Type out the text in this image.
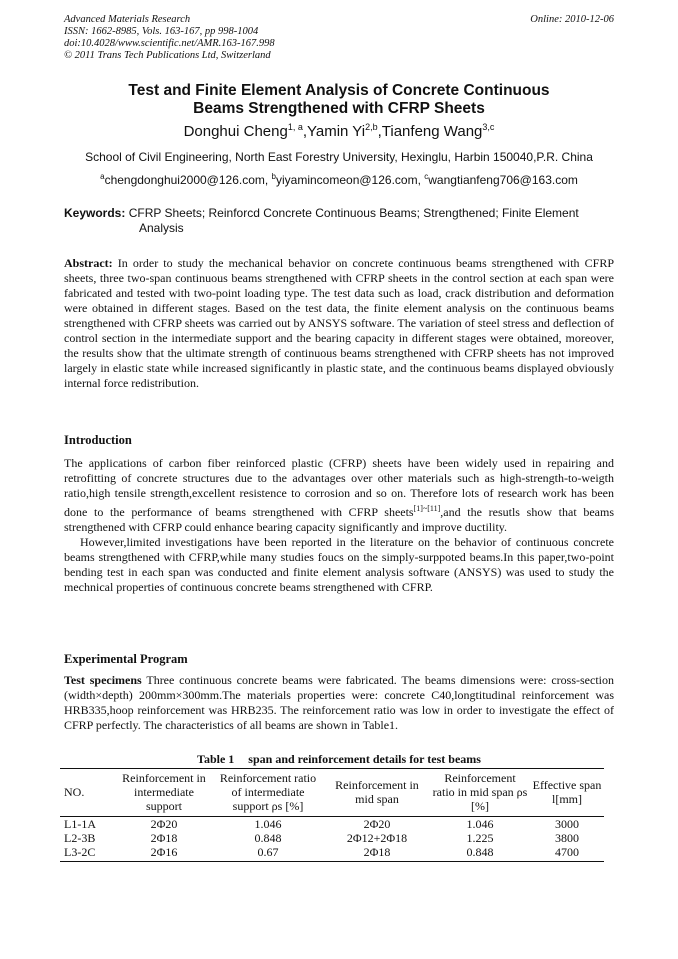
Advanced Materials Research
ISSN: 1662-8985, Vols. 163-167, pp 998-1004
doi:10.4028/www.scientific.net/AMR.163-167.998
© 2011 Trans Tech Publications Ltd, Switzerland
Online: 2010-12-06
Test and Finite Element Analysis of Concrete Continuous
Beams Strengthened with CFRP Sheets
Donghui Cheng$^{1, a}$,Yamin Yi$^{2,b}$,Tianfeng Wang$^{3,c}$
School of Civil Engineering, North East Forestry University, Hexinglu, Harbin 150040,P.R. China
$^a$chengdonghui2000@126.com, $^b$yiyamincomeon@126.com, $^c$wangtianfeng706@163.com
Keywords: CFRP Sheets; Reinforcd Concrete Continuous Beams; Strengthened; Finite Element
Analysis
Abstract: In order to study the mechanical behavior on concrete continuous beams strengthened with CFRP sheets, three two-span continuous beams strengthened with CFRP sheets in the control section at each span were fabricated and tested with two-point loading type. The test data such as load, crack distribution and deformation were obtained in different stages. Based on the test data, the finite element analysis on the continuous beams strengthened with CFRP sheets was carried out by ANSYS software. The variation of steel stress and deflection of control section in the intermediate support and the bearing capacity in different stages were obtained, moreover, the results show that the ultimate strength of continuous beams strengthened with CFRP sheets has not improved largely in elastic state while increased significantly in plastic state, and the continuous beams displayed obviously internal force redistribution.
Introduction

The applications of carbon fiber reinforced plastic (CFRP) sheets have been widely used in repairing and retrofitting of concrete structures due to the advantages over other materials such as high-strength-to-weigth ratio,high tensile strength,excellent resistence to corrosion and so on. Therefore lots of research work has been done to the performance of beams strengthened with CFRP sheets[1]~[11],and the resutls show that beams strengthened with CFRP could enhance bearing capacity significantly and improve ductility.

However,limited investigations have been reported in the literature on the behavior of continuous concrete beams strengthened with CFRP,while many studies foucs on the simply-surppoted beams.In this paper,two-point bending test in each span was conducted and finite element analysis software (ANSYS) was used to study the mechnical properties of continuous concrete beams strengthened with CFRP.

Experimental Program
Test specimens Three continuous concrete beams were fabricated. The beams dimensions were: cross-section (width×depth) 200mm×300mm.The materials properties were: concrete C40,longtitudinal reinforcement was HRB335,hoop reinforcement was HRB235. The reinforcement ratio was low in order to investigate the effect of CFRP perfectly. The characteristics of all beams are shown in Table1.
Table 1 span and reinforcement details for test beams
NO.	Reinforcement in intermediate support	Reinforcement ratio of intermediate support ρs [%]	Reinforcement in mid span	Reinforcement ratio in mid span ρs [%]	Effective span l[mm]
L1-1A	2Φ20	1.046	2Φ20	1.046	3000
L2-3B	2Φ18	0.848	2Φ12+2Φ18	1.225	3800
L3-2C	2Φ16	0.67	2Φ18	0.848	4700
